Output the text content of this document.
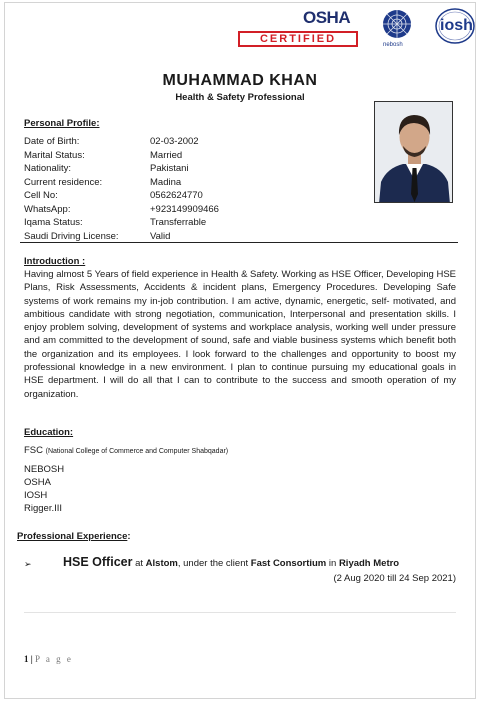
OSHA
CERTIFIED	nebosh
iosh
MUHAMMAD KHAN
Health & Safety Professional
Personal Profile:
Date of Birth:	02-03-2002
Marital Status:	Married
Nationality:	Pakistani
Current residence:	Madina
Cell No:	0562624770
WhatsApp:	+923149909466
Iqama Status:	Transferrable
Saudi Driving License:	Valid
Introduction :
Having almost 5 Years of field experience in Health & Safety. Working as HSE Officer, Developing HSE Plans, Risk Assessments, Accidents & incident plans, Emergency Procedures. Developing Safe systems of work remains my in-job contribution. I am active, dynamic, energetic, self- motivated, and ambitious candidate with strong negotiation, communication, Interpersonal and presentation skills. I enjoy problem solving, development of systems and workplace analysis, working well under pressure and am committed to the development of sound, safe and viable business systems which benefit both the organization and its employees. I look forward to the challenges and opportunity to boost my professional knowledge in a new environment. I plan to continue pursuing my educational goals in HSE department. I will do all that I can to contribute to the success and smooth operation of my organization.
Education:
FSC (National College of Commerce and Computer Shabqadar)
NEBOSH
OSHA
IOSH
Rigger.III
Professional Experience:
➢	HSE Officer at Alstom, under the client Fast Consortium in Riyadh Metro
(2 Aug 2020 till 24 Sep 2021)
1 | P a g e
